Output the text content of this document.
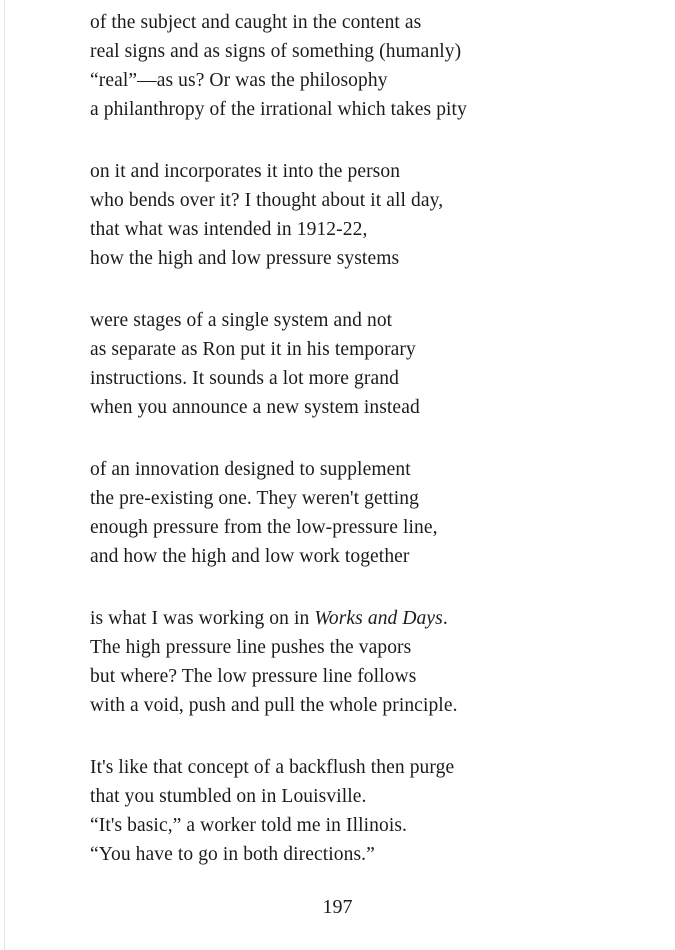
of the subject and caught in the content as
real signs and as signs of something (humanly)
“real”—as us? Or was the philosophy
a philanthropy of the irrational which takes pity
on it and incorporates it into the person
who bends over it? I thought about it all day,
that what was intended in 1912-22,
how the high and low pressure systems
were stages of a single system and not
as separate as Ron put it in his temporary
instructions. It sounds a lot more grand
when you announce a new system instead
of an innovation designed to supplement
the pre-existing one. They weren't getting
enough pressure from the low-pressure line,
and how the high and low work together
is what I was working on in Works and Days.
The high pressure line pushes the vapors
but where? The low pressure line follows
with a void, push and pull the whole principle.
It's like that concept of a backflush then purge
that you stumbled on in Louisville.
“It's basic,” a worker told me in Illinois.
“You have to go in both directions.”
197
